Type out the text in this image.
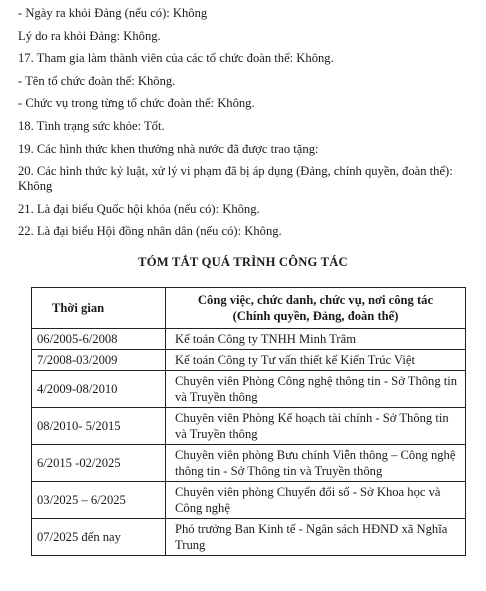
- Ngày ra khỏi Đảng (nếu có): Không
Lý do ra khỏi Đảng: Không.
17. Tham gia làm thành viên của các tổ chức đoàn thể: Không.
- Tên tổ chức đoàn thể: Không.
- Chức vụ trong từng tổ chức đoàn thể: Không.
18. Tình trạng sức khỏe: Tốt.
19. Các hình thức khen thưởng nhà nước đã được trao tặng:
20. Các hình thức kỷ luật, xử lý vi phạm đã bị áp dụng (Đảng, chính quyền, đoàn thể): Không
21. Là đại biểu Quốc hội khóa (nếu có): Không.
22. Là đại biểu Hội đồng nhân dân (nếu có): Không.
TÓM TẮT QUÁ TRÌNH CÔNG TÁC
Thời gian	Công việc, chức danh, chức vụ, nơi công tác
(Chính quyền, Đảng, đoàn thể)

06/2005-6/2008	Kế toán Công ty TNHH Minh Trâm
7/2008-03/2009	Kế toán Công ty Tư vấn thiết kế Kiến Trúc Việt
4/2009-08/2010	Chuyên viên Phòng Công nghệ thông tin - Sở Thông tin và Truyền thông
08/2010- 5/2015	Chuyên viên Phòng Kế hoạch tài chính - Sở Thông tin và Truyền thông
6/2015 -02/2025	Chuyên viên phòng Bưu chính Viễn thông – Công nghệ thông tin - Sở Thông tin và Truyền thông
03/2025 – 6/2025	Chuyên viên phòng Chuyển đổi số - Sở Khoa học và Công nghệ
07/2025 đến nay	Phó trưởng Ban Kinh tế - Ngân sách HĐND xã Nghĩa Trung
